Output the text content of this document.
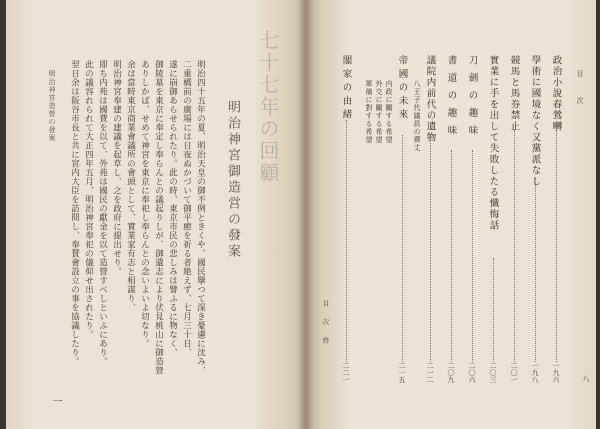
七十七年の回顧
明治神宮御造営の發案
明治四十五年の夏、明治天皇の御不例ときくや、國民擧つて深き憂慮に沈み、
二重橋前の廣場には日夜ぬかづいて御平癒を祈る者絶えず、七月三十日、
遂に崩御あらせられたり。此の時、東京市民の悲しみは譬ふるに物なく、
御陵墓を東京に奉定し奉らんとの議起りしが、御遺志により伏見桃山に御造營
ありしかば、せめて神宮を東京に奉祀し奉らんとの念いよいよ切なり。
余は當時東京商業會議所の會頭として、實業家有志と相謀り、
明治神宮奉建の建議を起草し、之を政府に提出せり。
即ち内苑は國費を以て、外苑は國民の獻金を以て造營すべしといふにあり。
此の議容れられて大正四年五月、明治神宮奉祀の儀仰せ出されたり。
翌日余は阪谷市長と共に宮内大臣を訪問し、奉賛會設立の事を協議したり。
明治神宮造營の發案
一
目 次
八
政治小說春鶯囀
一九六
學術に國境なく又黨派なし
一九八
競馬と馬券禁止
二〇一
實業に手を出して失敗したる懺悔話
二〇三
刀劍の趣味
二〇六
書道の趣味
二〇九
議院内前代の遺物
八王子代議員の禪丈
二一二
帝國の未來
内政に關する希望
外交に關する希望
軍備に對する希望
二一五
閣家の由緒
二二一
目 次 終
